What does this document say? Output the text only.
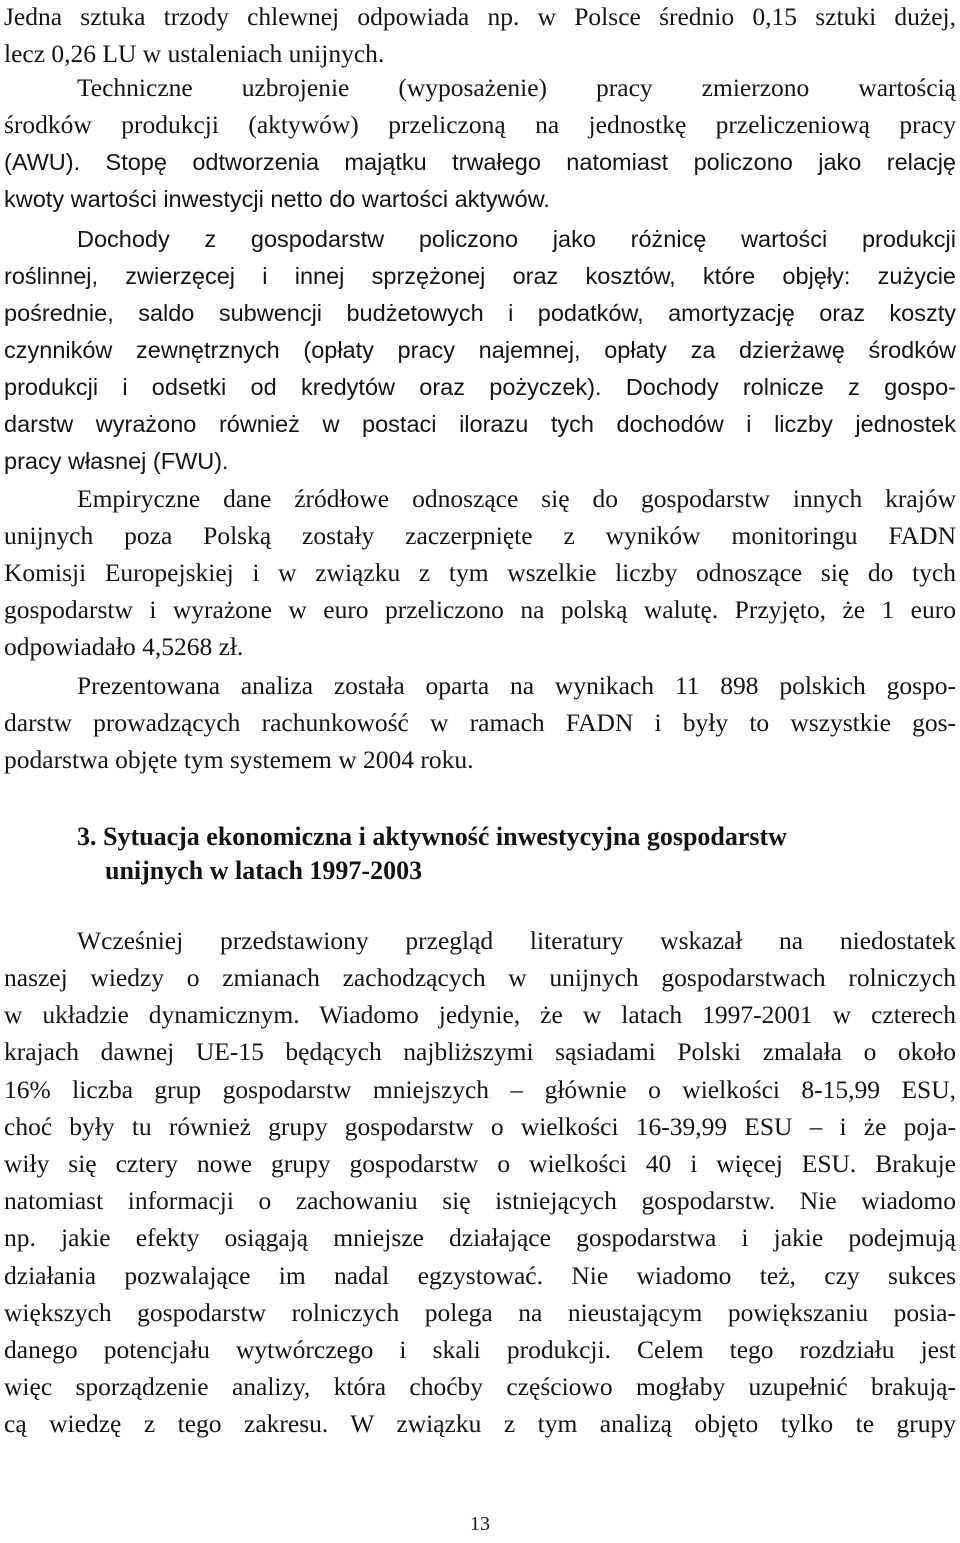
Jedna sztuka trzody chlewnej odpowiada np. w Polsce średnio 0,15 sztuki dużej,
lecz 0,26 LU w ustaleniach unijnych.
Techniczne uzbrojenie (wyposażenie) pracy zmierzono wartością
środków produkcji (aktywów) przeliczoną na jednostkę przeliczeniową pracy
(AWU). Stopę odtworzenia majątku trwałego natomiast policzono jako relację
kwoty wartości inwestycji netto do wartości aktywów.
Dochody z gospodarstw policzono jako różnicę wartości produkcji
roślinnej, zwierzęcej i innej sprzężonej oraz kosztów, które objęły: zużycie
pośrednie, saldo subwencji budżetowych i podatków, amortyzację oraz koszty
czynników zewnętrznych (opłaty pracy najemnej, opłaty za dzierżawę środków
produkcji i odsetki od kredytów oraz pożyczek). Dochody rolnicze z gospo-
darstw wyrażono również w postaci ilorazu tych dochodów i liczby jednostek
pracy własnej (FWU).
Empiryczne dane źródłowe odnoszące się do gospodarstw innych krajów
unijnych poza Polską zostały zaczerpnięte z wyników monitoringu FADN
Komisji Europejskiej i w związku z tym wszelkie liczby odnoszące się do tych
gospodarstw i wyrażone w euro przeliczono na polską walutę. Przyjęto, że 1 euro
odpowiadało 4,5268 zł.
Prezentowana analiza została oparta na wynikach 11 898 polskich gospo-
darstw prowadzących rachunkowość w ramach FADN i były to wszystkie gos-
podarstwa objęte tym systemem w 2004 roku.
3. Sytuacja ekonomiczna i aktywność inwestycyjna gospodarstw
unijnych w latach 1997-2003
Wcześniej przedstawiony przegląd literatury wskazał na niedostatek
naszej wiedzy o zmianach zachodzących w unijnych gospodarstwach rolniczych
w układzie dynamicznym. Wiadomo jedynie, że w latach 1997-2001 w czterech
krajach dawnej UE-15 będących najbliższymi sąsiadami Polski zmalała o około
16% liczba grup gospodarstw mniejszych – głównie o wielkości 8-15,99 ESU,
choć były tu również grupy gospodarstw o wielkości 16-39,99 ESU – i że poja-
wiły się cztery nowe grupy gospodarstw o wielkości 40 i więcej ESU. Brakuje
natomiast informacji o zachowaniu się istniejących gospodarstw. Nie wiadomo
np. jakie efekty osiągają mniejsze działające gospodarstwa i jakie podejmują
działania pozwalające im nadal egzystować. Nie wiadomo też, czy sukces
większych gospodarstw rolniczych polega na nieustającym powiększaniu posia-
danego potencjału wytwórczego i skali produkcji. Celem tego rozdziału jest
więc sporządzenie analizy, która choćby częściowo mogłaby uzupełnić brakują-
cą wiedzę z tego zakresu. W związku z tym analizą objęto tylko te grupy
13
